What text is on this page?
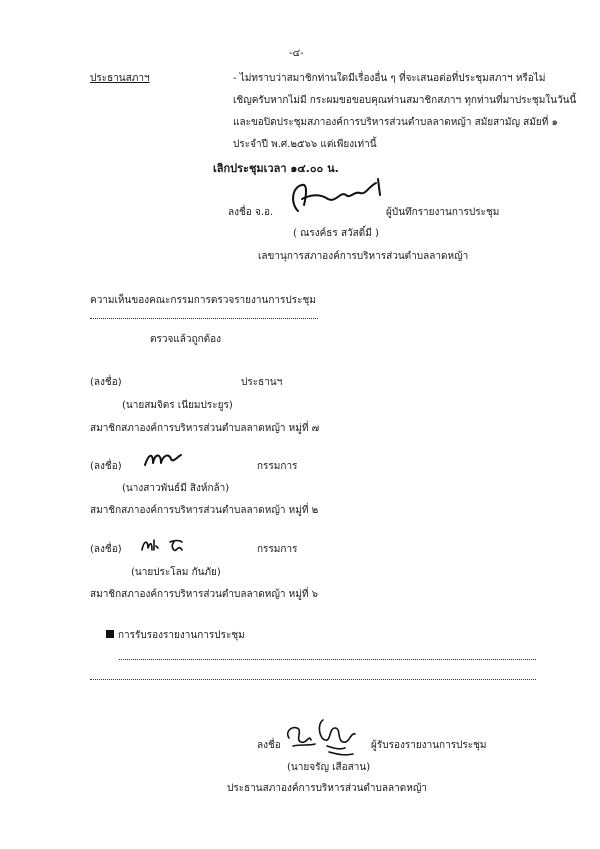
-๔-
ประธานสภาฯ	- ไม่ทราบว่าสมาชิกท่านใดมีเรื่องอื่น ๆ ที่จะเสนอต่อที่ประชุมสภาฯ หรือไม่
เชิญครับหากไม่มี กระผมขอขอบคุณท่านสมาชิกสภาฯ ทุกท่านที่มาประชุมในวันนี้
และขอปิดประชุมสภาองค์การบริหารส่วนตำบลลาดหญ้า สมัยสามัญ สมัยที่ ๑
ประจำปี พ.ศ.๒๕๖๖ แต่เพียงเท่านี้
เลิกประชุมเวลา ๑๔.๐๐ น.
ลงชื่อ จ.อ.	ผู้บันทึกรายงานการประชุม
( ณรงค์ธร สวัสดิ์มี )
เลขานุการสภาองค์การบริหารส่วนตำบลลาดหญ้า
ความเห็นของคณะกรรมการตรวจรายงานการประชุม
ตรวจแล้วถูกต้อง
(ลงชื่อ)	ประธานฯ
(นายสมจิตร เนียมประยูร)
สมาชิกสภาองค์การบริหารส่วนตำบลลาดหญ้า หมู่ที่ ๗
(ลงชื่อ)	กรรมการ
(นางสาวพันธ์มี สิงห์กล้า)
สมาชิกสภาองค์การบริหารส่วนตำบลลาดหญ้า หมู่ที่ ๒
(ลงชื่อ)	กรรมการ
(นายประโลม กันภัย)
สมาชิกสภาองค์การบริหารส่วนตำบลลาดหญ้า หมู่ที่ ๖
การรับรองรายงานการประชุม
ลงชื่อ	ผู้รับรองรายงานการประชุม
(นายจรัญ เสือสาน)
ประธานสภาองค์การบริหารส่วนตำบลลาดหญ้า
